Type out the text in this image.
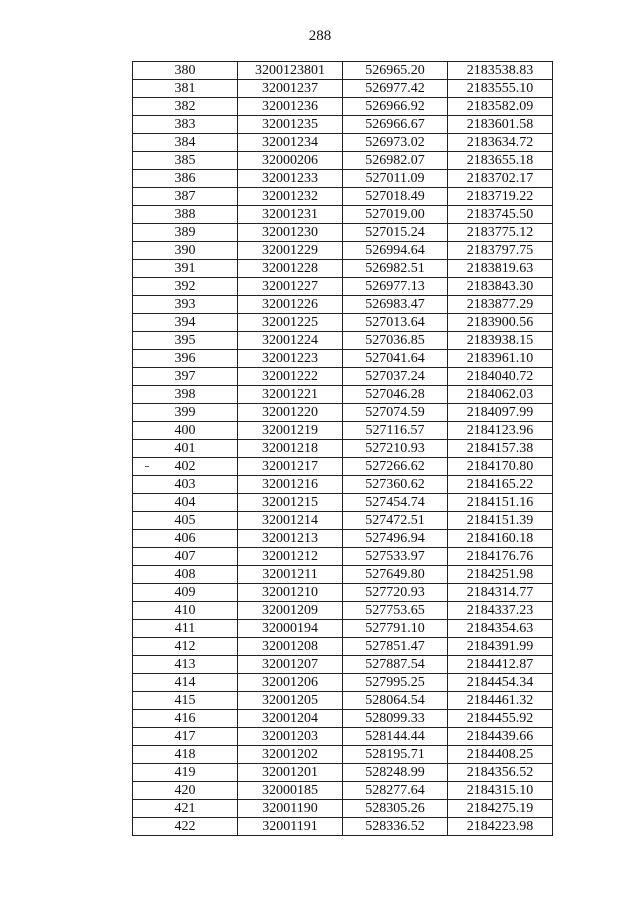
288
380	3200123801	526965.20	2183538.83
381	32001237	526977.42	2183555.10
382	32001236	526966.92	2183582.09
383	32001235	526966.67	2183601.58
384	32001234	526973.02	2183634.72
385	32000206	526982.07	2183655.18
386	32001233	527011.09	2183702.17
387	32001232	527018.49	2183719.22
388	32001231	527019.00	2183745.50
389	32001230	527015.24	2183775.12
390	32001229	526994.64	2183797.75
391	32001228	526982.51	2183819.63
392	32001227	526977.13	2183843.30
393	32001226	526983.47	2183877.29
394	32001225	527013.64	2183900.56
395	32001224	527036.85	2183938.15
396	32001223	527041.64	2183961.10
397	32001222	527037.24	2184040.72
398	32001221	527046.28	2184062.03
399	32001220	527074.59	2184097.99
400	32001219	527116.57	2184123.96
401	32001218	527210.93	2184157.38
402	32001217	527266.62	2184170.80
403	32001216	527360.62	2184165.22
404	32001215	527454.74	2184151.16
405	32001214	527472.51	2184151.39
406	32001213	527496.94	2184160.18
407	32001212	527533.97	2184176.76
408	32001211	527649.80	2184251.98
409	32001210	527720.93	2184314.77
410	32001209	527753.65	2184337.23
411	32000194	527791.10	2184354.63
412	32001208	527851.47	2184391.99
413	32001207	527887.54	2184412.87
414	32001206	527995.25	2184454.34
415	32001205	528064.54	2184461.32
416	32001204	528099.33	2184455.92
417	32001203	528144.44	2184439.66
418	32001202	528195.71	2184408.25
419	32001201	528248.99	2184356.52
420	32000185	528277.64	2184315.10
421	32001190	528305.26	2184275.19
422	32001191	528336.52	2184223.98
